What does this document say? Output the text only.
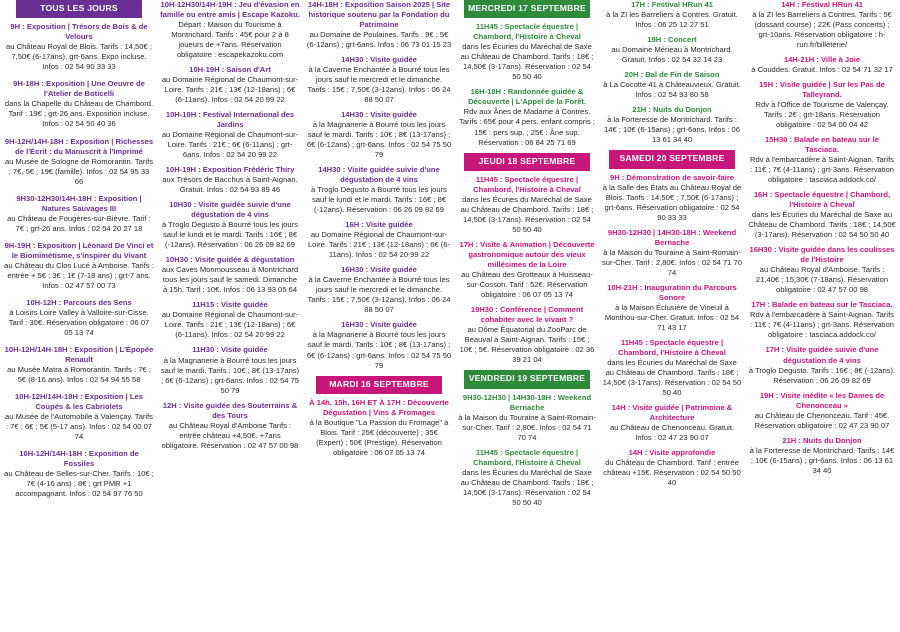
TOUS LES JOURS
9H : Exposition | Trésors de Bois & de Velours
au Château Royal de Blois. Tarifs : 14,50€ ; 7,50€ (6-17ans), grt-6ans. Expo incluse. Infos : 02 54 90 33 33
9H-18H : Exposition | Une Oeuvre de l'Atelier de Boticelli
dans la Chapelle du Château de Chambord. Tarif : 19€ ; grt-26 ans. Exposition incluse. Infos : 02 54 50 40 36
9H-12H/14H-18H : Exposition | Richesses de l'Écrit : du Manuscrit à l'Imprimé
au Musée de Sologne de Romorantin. Tarifs : 7€, 5€ ; 19€ (famille). Infos : 02 54 95 33 66
9H30-12H30/14H-18H : Exposition | Natures Sauvages III
au Château de Fougères-sur-Bièvre. Tarif : 7€ ; grt-26 ans. Infos : 02 54 20 27 18
9H-19H : Exposition | Léonard De Vinci et le Biomimétisme, s'inspirer du Vivant
au Château du Clos Lucé à Amboise. Tarifs : entrée + 5€ ; 3€ ; 1€ (7-18 ans) ; grt-7 ans. Infos : 02 47 57 00 73
10H-12H : Parcours des Sens
à Loisirs Loire Valley à Valloire-sur-Cisse. Tarif : 30€. Réservation obligatoire : 06 07 05 13 74
10H-12H/14H-18H : Exposition | L'Épopée Renault
au Musée Matra à Romorantin. Tarifs : 7€ ; 5€ (8-16 ans). Infos : 02 54 94 55 58
10H-12H/14H-18H : Exposition | Les Coupés & les Cabriolets
au Musée de l'Automobile à Valençay. Tarifs : 7€ ; 6€ ; 5€ (5-17 ans). Infos : 02 54 00 07 74
10H-12H/14H-18H : Exposition de Fossiles
au Château de Selles-sur-Cher. Tarifs : 10€ ; 7€ (4-16 ans) ; 8€ ; grt PMR +1 accompagnant. Infos : 02 54 97 76 50
10H-12H30/14H-19H : Jeu d'évasion en famille ou entre amis | Escape Kazoku.
Départ : Maison du Tourisme à Montrichard. Tarifs : 45€ pour 2 à 8 joueurs de +7ans. Réservation obligatoire : escapekazoku.com
10H-19H : Saison d'Art
au Domaine Régional de Chaumont-sur-Loire. Tarifs : 21€ ; 13€ (12-18ans) ; 6€ (6-11ans). Infos : 02 54 20 99 22
10H-19H : Festival International des Jardins
au Domaine Régional de Chaumont-sur-Loire. Tarifs : 21€ ; 6€ (6-11ans) ; grt-6ans. Infos : 02 54 20 99 22
10H-19H : Exposition Frédéric Thiry
aux Trésors de Bacchus à Saint-Aignan. Gratuit. Infos : 02 54 93 89 46
10H30 : Visite guidée suivie d'une dégustation de 4 vins
à Troglo Degusto à Bourré tous les jours sauf le lundi et le mardi. Tarifs : 16€ ; 8€ (-12ans). Réservation : 06 26 09 82 69
10H30 : Visite guidée & dégustation
aux Caves Monmousseau à Montrichard tous les jours sauf le samedi. Dimanche à 15h. Tarif : 10€. Infos : 06 13 93 05 64
11H15 : Visite guidée
au Domaine Régional de Chaumont-sur-Loire. Tarifs : 21€ ; 13€ (12-18ans) ; 6€ (6-11ans). Infos : 02 54 20 99 22
11H30 : Visite guidée
à la Magnanerie à Bourré tous les jours sauf le mardi. Tarifs : 10€ ; 8€ (13-17ans) ; 6€ (6-12ans) ; grt-6ans. Infos : 02 54 75 50 79
12H : Visite guidée des Souterrains & des Tours
au Château Royal d'Amboise Tarifs : entrée château +4,50€. +7ans obligatoire. Réservation : 02 47 57 00 98
14H-18H : Exposition Saison 2025 | Site historique soutenu par la Fondation du Patrimoine
au Domaine de Poulaines. Tarifs : 9€ ; 5€ (6-12ans) ; grt-6ans. Infos : 06 73 01 15 23
14H30 : Visite guidée
à la Caverne Enchantée à Bourré tous les jours sauf le mercredi et le dimanche. Tarifs : 15€ ; 7,50€ (3-12ans). Infos : 06 24 88 50 07
14H30 : Visite guidée
à la Magnanerie à Bourré tous les jours sauf le mardi. Tarifs : 10€ ; 8€ (13-17ans) ; 6€ (6-12ans) ; grt-6ans. Infos : 02 54 75 50 79
14H30 : Visite guidée suivie d'une dégustation de 4 vins
à Troglo Degusto à Bourré tous les jours sauf le lundi et le mardi. Tarifs : 16€ ; 8€ (-12ans). Réservation : 06 26 09 82 69
16H : Visite guidée
au Domaine Régional de Chaumont-sur-Loire. Tarifs : 21€ ; 13€ (12-18ans) ; 6€ (6-11ans). Infos : 02 54 20 99 22
16H30 : Visite guidée
à la Caverne Enchantée à Bourré tous les jours sauf le mercredi et le dimanche. Tarifs : 15€ ; 7,50€ (3-12ans). Infos : 06 24 88 50 07
16H30 : Visite guidée
à la Magnanerie à Bourré tous les jours sauf le mardi. Tarifs : 10€ ; 8€ (13-17ans) ; 6€ (6-12ans) ; grt-6ans. Infos : 02 54 75 50 79
MARDI 16 SEPTEMBRE
À 14h, 15h, 16H ET À 17H : Découverte Dégustation | Vins & Fromages
à la Boutique "La Passion du Fromage" à Blois. Tarif : 25€ (découverte) ; 35€ (Expert) ; 50€ (Prestige). Réservation obligatoire : 06 07 05 13 74
MERCREDI 17 SEPTEMBRE
11H45 : Spectacle équestre | Chambord, l'Histoire à Cheval
dans les Écuries du Maréchal de Saxe au Château de Chambord. Tarifs : 18€ ; 14,50€ (3-17ans). Réservation : 02 54 50 50 40
16H-18H : Randonnée guidée & Découverte | L'Appel de la Forêt.
Rdv aux Ânes de Madame à Contres. Tarifs : 65€ pour 4 pers. enfant compris ; 15€ : pers sup. ; 25€ : Âne sup. Réservation : 06 84 25 71 69
JEUDI 18 SEPTEMBRE
11H45 : Spectacle équestre | Chambord, l'Histoire à Cheval
dans les Écuries du Maréchal de Saxe au Château de Chambord. Tarifs : 18€ ; 14,50€ (3-17ans). Réservation : 02 54 50 50 40
17H : Visite & Animation | Découverte gastronomique autour des vieux millésimes de la Loire
au Château des Grotteaux à Huisseau-sur-Cosson. Tarif : 52€. Réservation obligatoire : 06 07 05 13 74
19H30 : Conférence | Comment cohabiter avec le vivant ?
au Dôme Équatorial du ZooParc de Beauval à Saint-Aignan. Tarifs : 15€ ; 10€ ; 5€. Réservation obligatoire : 02 36 39 21 04
VENDREDI 19 SEPTEMBRE
9H30-12H30 | 14H30-18H : Weekend Bernache
à la Maison du Touraine à Saint-Romain-sur-Cher. Tarif : 2,80€. Infos : 02 54 71 70 74
11H45 : Spectacle équestre | Chambord, l'Histoire à Cheval
dans les Écuries du Maréchal de Saxe au Château de Chambord. Tarifs : 18€ ; 14,50€ (3-17ans). Réservation : 02 54 50 50 40
17H : Festival HRun 41
à la ZI les Barreliers à Contres. Gratuit. Infos : 06 25 12 27 51
19H : Concert
au Domaine Mérieau à Montrichard. Gratuit. Infos : 02 54 32 14 23
20H : Bal de Fin de Saison
à La Cocotte 41 à Châteauvieux. Gratuit. Infos : 02 54 93 80 58
21H : Nuits du Donjon
à la Forteresse de Montrichard. Tarifs : 14€ ; 10€ (6-15ans) ; grt-6ans. Infos : 06 13 61 34 40
SAMEDI 20 SEPTEMBRE
9H : Démonstration de savoir-faire
à la Salle des États au Château Royal de Blois. Tarifs : 14,50€ ; 7,50€ (6-17ans) ; grt-6ans. Réservation obligatoire : 02 54 90 33 33
9H30-12H30 | 14H30-18H : Weekend Bernache
à la Maison du Touraine à Saint-Romain-sur-Cher. Tarif : 2,80€. Infos : 02 54 71 70 74
10H-21H : Inauguration du Parcours Sonore
à la Maison Éclusière de Vineuil à Monthou-sur-Cher. Gratuit. Infos : 02 54 71 43 17
11H45 : Spectacle équestre | Chambord, l'Histoire à Cheval
dans les Écuries du Maréchal de Saxe au Château de Chambord. Tarifs : 18€ ; 14,50€ (3-17ans). Réservation : 02 54 50 50 40
14H : Visite guidée | Patrimoine & Architecture
au Château de Chenonceau. Gratuit. Infos : 02 47 23 90 07
14H : Visite approfondie
du Château de Chambord. Tarif : entrée château +15€. Réservation : 02 54 50 50 40
14H : Festival HRun 41
à la ZI les Barreliers à Contres. Tarifs : 5€ (dossard course) ; 22€ (Pass concerts) ; grt-10ans. Réservation obligatoire : h-run.fr/billeterie/
14H-21H : Ville à Joie
à Couddes. Gratuit. Infos : 02 54 71 32 17
15H : Visite guidée | Sur les Pas de Talleyrand.
Rdv à l'Office de Tourisme de Valençay. Tarifs : 2€ ; grt-18ans. Réservation obligatoire : 02 54 00 04 42
15H30 : Balade en bateau sur le Tasciaca.
Rdv à l'embarcadère à Saint-Aignan. Tarifs : 11€ ; 7€ (4-11ans) ; grt-3ans. Réservation obligatoire : tasciaca.addock.co/
16H : Spectacle équestre | Chambord, l'Histoire à Cheval
dans les Écuries du Maréchal de Saxe au Château de Chambord. Tarifs : 18€ ; 14,50€ (3-17ans). Réservation : 02 54 50 50 40
16H30 : Visite guidée dans les coulisses de l'Histoire
au Château Royal d'Amboise. Tarifs : 21,40€ ; 15,30€ (7-18ans). Réservation obligatoire : 02 47 57 00 98
17H : Balade en bateau sur le Tasciaca.
Rdv à l'embarcadère à Saint-Aignan. Tarifs : 11€ ; 7€ (4-11ans) ; grt-3ans. Réservation obligatoire : tasciaca.addock.co/
17H : Visite guidée suivie d'une dégustation de 4 vins
à Troglo Degusto. Tarifs : 16€ ; 8€ (-12ans). Réservation : 06 26 09 82 69
19H : Visite inédite « les Dames de Chenonceau »
au Château de Chenonceau. Tarif : 45€. Réservation obligatoire : 02 47 23 90 07
21H : Nuits du Donjon
à la Forteresse de Montrichard. Tarifs : 14€ ; 10€ (6-15ans) ; grt-6ans. Infos : 06 13 61 34 40
